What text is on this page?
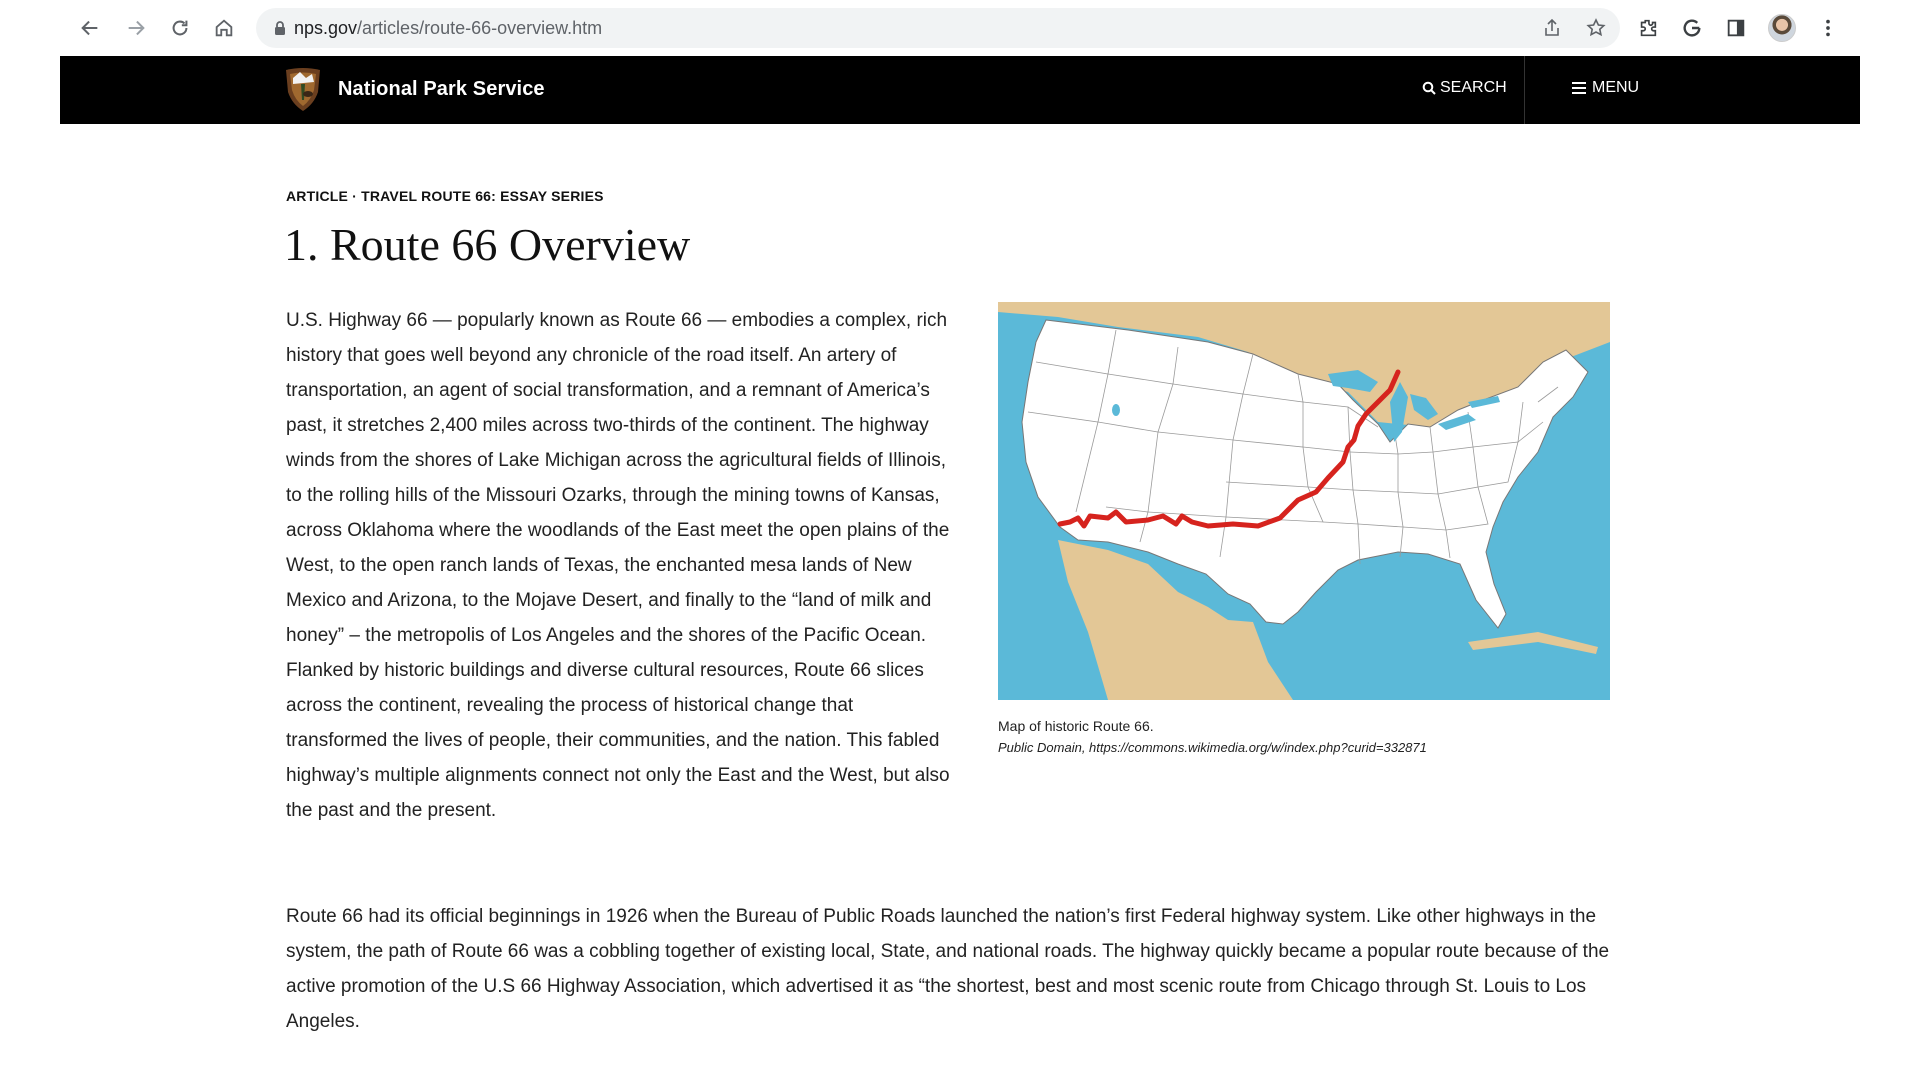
nps.gov/articles/route-66-overview.htm
National Park Service	SEARCH	MENU
ARTICLE · TRAVEL ROUTE 66: ESSAY SERIES
1. Route 66 Overview

U.S. Highway 66 — popularly known as Route 66 — embodies a complex, rich history that goes well beyond any chronicle of the road itself. An artery of transportation, an agent of social transformation, and a remnant of America’s past, it stretches 2,400 miles across two-thirds of the continent. The highway winds from the shores of Lake Michigan across the agricultural fields of Illinois, to the rolling hills of the Missouri Ozarks, through the mining towns of Kansas, across Oklahoma where the woodlands of the East meet the open plains of the West, to the open ranch lands of Texas, the enchanted mesa lands of New Mexico and Arizona, to the Mojave Desert, and finally to the “land of milk and honey” – the metropolis of Los Angeles and the shores of the Pacific Ocean. Flanked by historic buildings and diverse cultural resources, Route 66 slices across the continent, revealing the process of historical change that transformed the lives of people, their communities, and the nation. This fabled highway’s multiple alignments connect not only the East and the West, but also the past and the present.

Map of historic Route 66.
Public Domain, https://commons.wikimedia.org/w/index.php?curid=332871

Route 66 had its official beginnings in 1926 when the Bureau of Public Roads launched the nation’s first Federal highway system. Like other highways in the system, the path of Route 66 was a cobbling together of existing local, State, and national roads. The highway quickly became a popular route because of the active promotion of the U.S 66 Highway Association, which advertised it as “the shortest, best and most scenic route from Chicago through St. Louis to Los Angeles.
